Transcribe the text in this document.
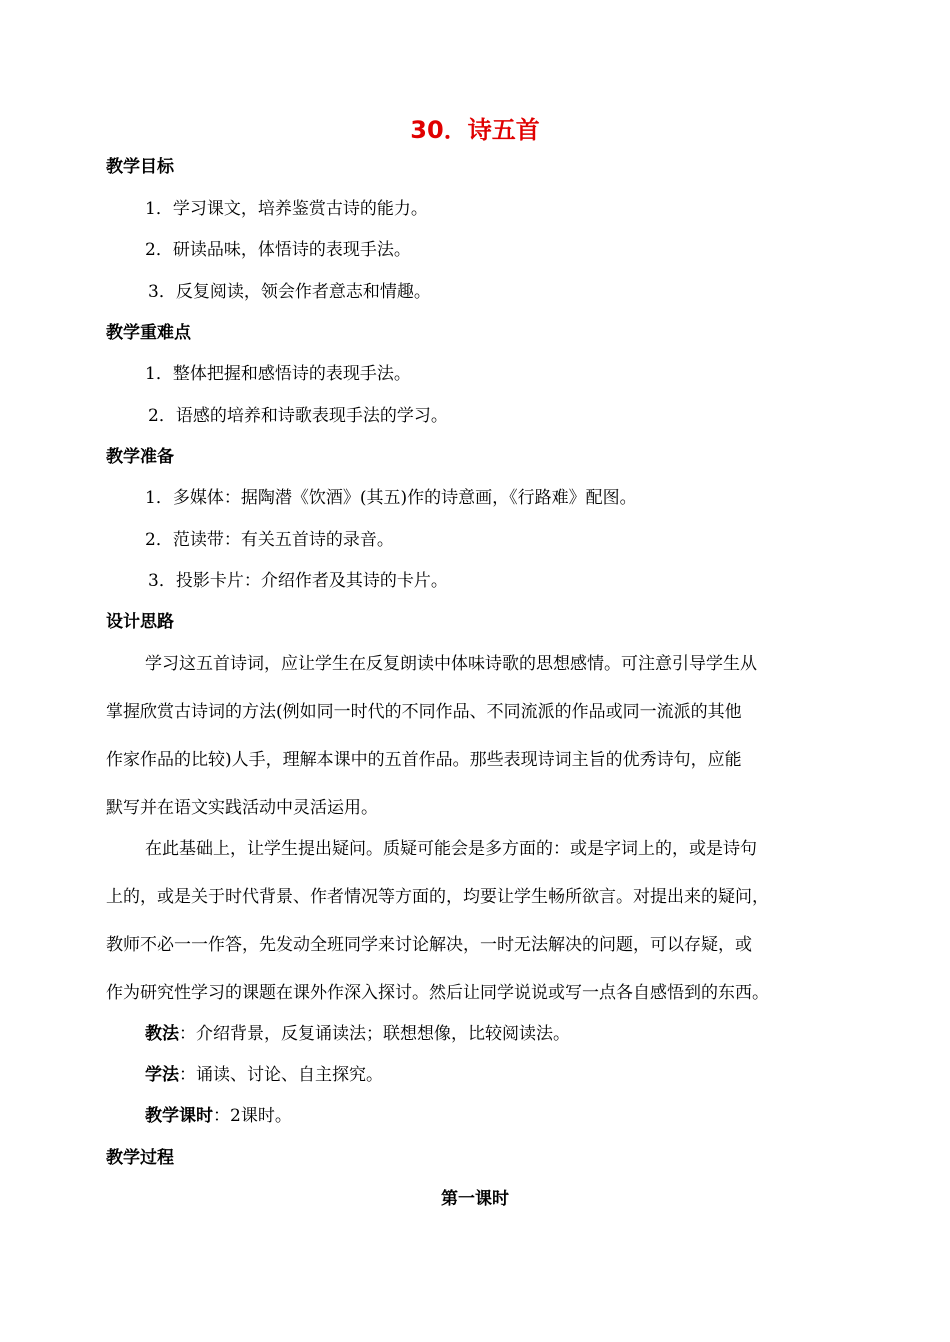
30．诗五首
教学目标
1．学习课文，培养鉴赏古诗的能力。
2．研读品味，体悟诗的表现手法。
3．反复阅读，领会作者意志和情趣。
教学重难点
1．整体把握和感悟诗的表现手法。
2．语感的培养和诗歌表现手法的学习。
教学准备
1．多媒体：据陶潜《饮酒》(其五)作的诗意画，《行路难》配图。
2．范读带：有关五首诗的录音。
3．投影卡片：介绍作者及其诗的卡片。
设计思路
学习这五首诗词，应让学生在反复朗读中体味诗歌的思想感情。可注意引导学生从
掌握欣赏古诗词的方法(例如同一时代的不同作品、不同流派的作品或同一流派的其他
作家作品的比较)人手，理解本课中的五首作品。那些表现诗词主旨的优秀诗句，应能
默写并在语文实践活动中灵活运用。
在此基础上，让学生提出疑问。质疑可能会是多方面的：或是字词上的，或是诗句
上的，或是关于时代背景、作者情况等方面的，均要让学生畅所欲言。对提出来的疑问，
教师不必一一作答，先发动全班同学来讨论解决，一时无法解决的问题，可以存疑，或
作为研究性学习的课题在课外作深入探讨。然后让同学说说或写一点各自感悟到的东西。
教法：介绍背景，反复诵读法；联想想像，比较阅读法。
学法：诵读、讨论、自主探究。
教学课时：2课时。
教学过程
第一课时
